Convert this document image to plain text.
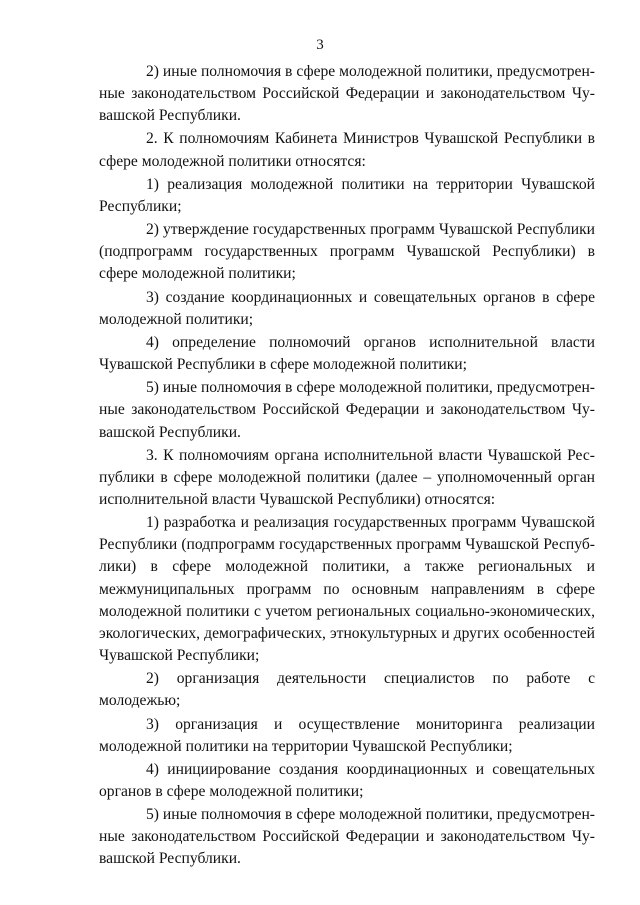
3

2) иные полномочия в сфере молодежной политики, предусмотренные законодательством Российской Федерации и законодательством Чувашской Республики.

2. К полномочиям Кабинета Министров Чувашской Республики в сфере молодежной политики относятся:

1) реализация молодежной политики на территории Чувашской Республики;

2) утверждение государственных программ Чувашской Республики (подпрограмм государственных программ Чувашской Республики) в сфере молодежной политики;

3) создание координационных и совещательных органов в сфере молодежной политики;

4) определение полномочий органов исполнительной власти Чувашской Республики в сфере молодежной политики;

5) иные полномочия в сфере молодежной политики, предусмотренные законодательством Российской Федерации и законодательством Чувашской Республики.

3. К полномочиям органа исполнительной власти Чувашской Республики в сфере молодежной политики (далее – уполномоченный орган исполнительной власти Чувашской Республики) относятся:

1) разработка и реализация государственных программ Чувашской Республики (подпрограмм государственных программ Чувашской Республики) в сфере молодежной политики, а также региональных и межмуниципальных программ по основным направлениям в сфере молодежной политики с учетом региональных социально-экономических, экологических, демографических, этнокультурных и других особенностей Чувашской Республики;

2) организация деятельности специалистов по работе с молодежью;

3) организация и осуществление мониторинга реализации молодежной политики на территории Чувашской Республики;

4) инициирование создания координационных и совещательных органов в сфере молодежной политики;

5) иные полномочия в сфере молодежной политики, предусмотренные законодательством Российской Федерации и законодательством Чувашской Республики.
